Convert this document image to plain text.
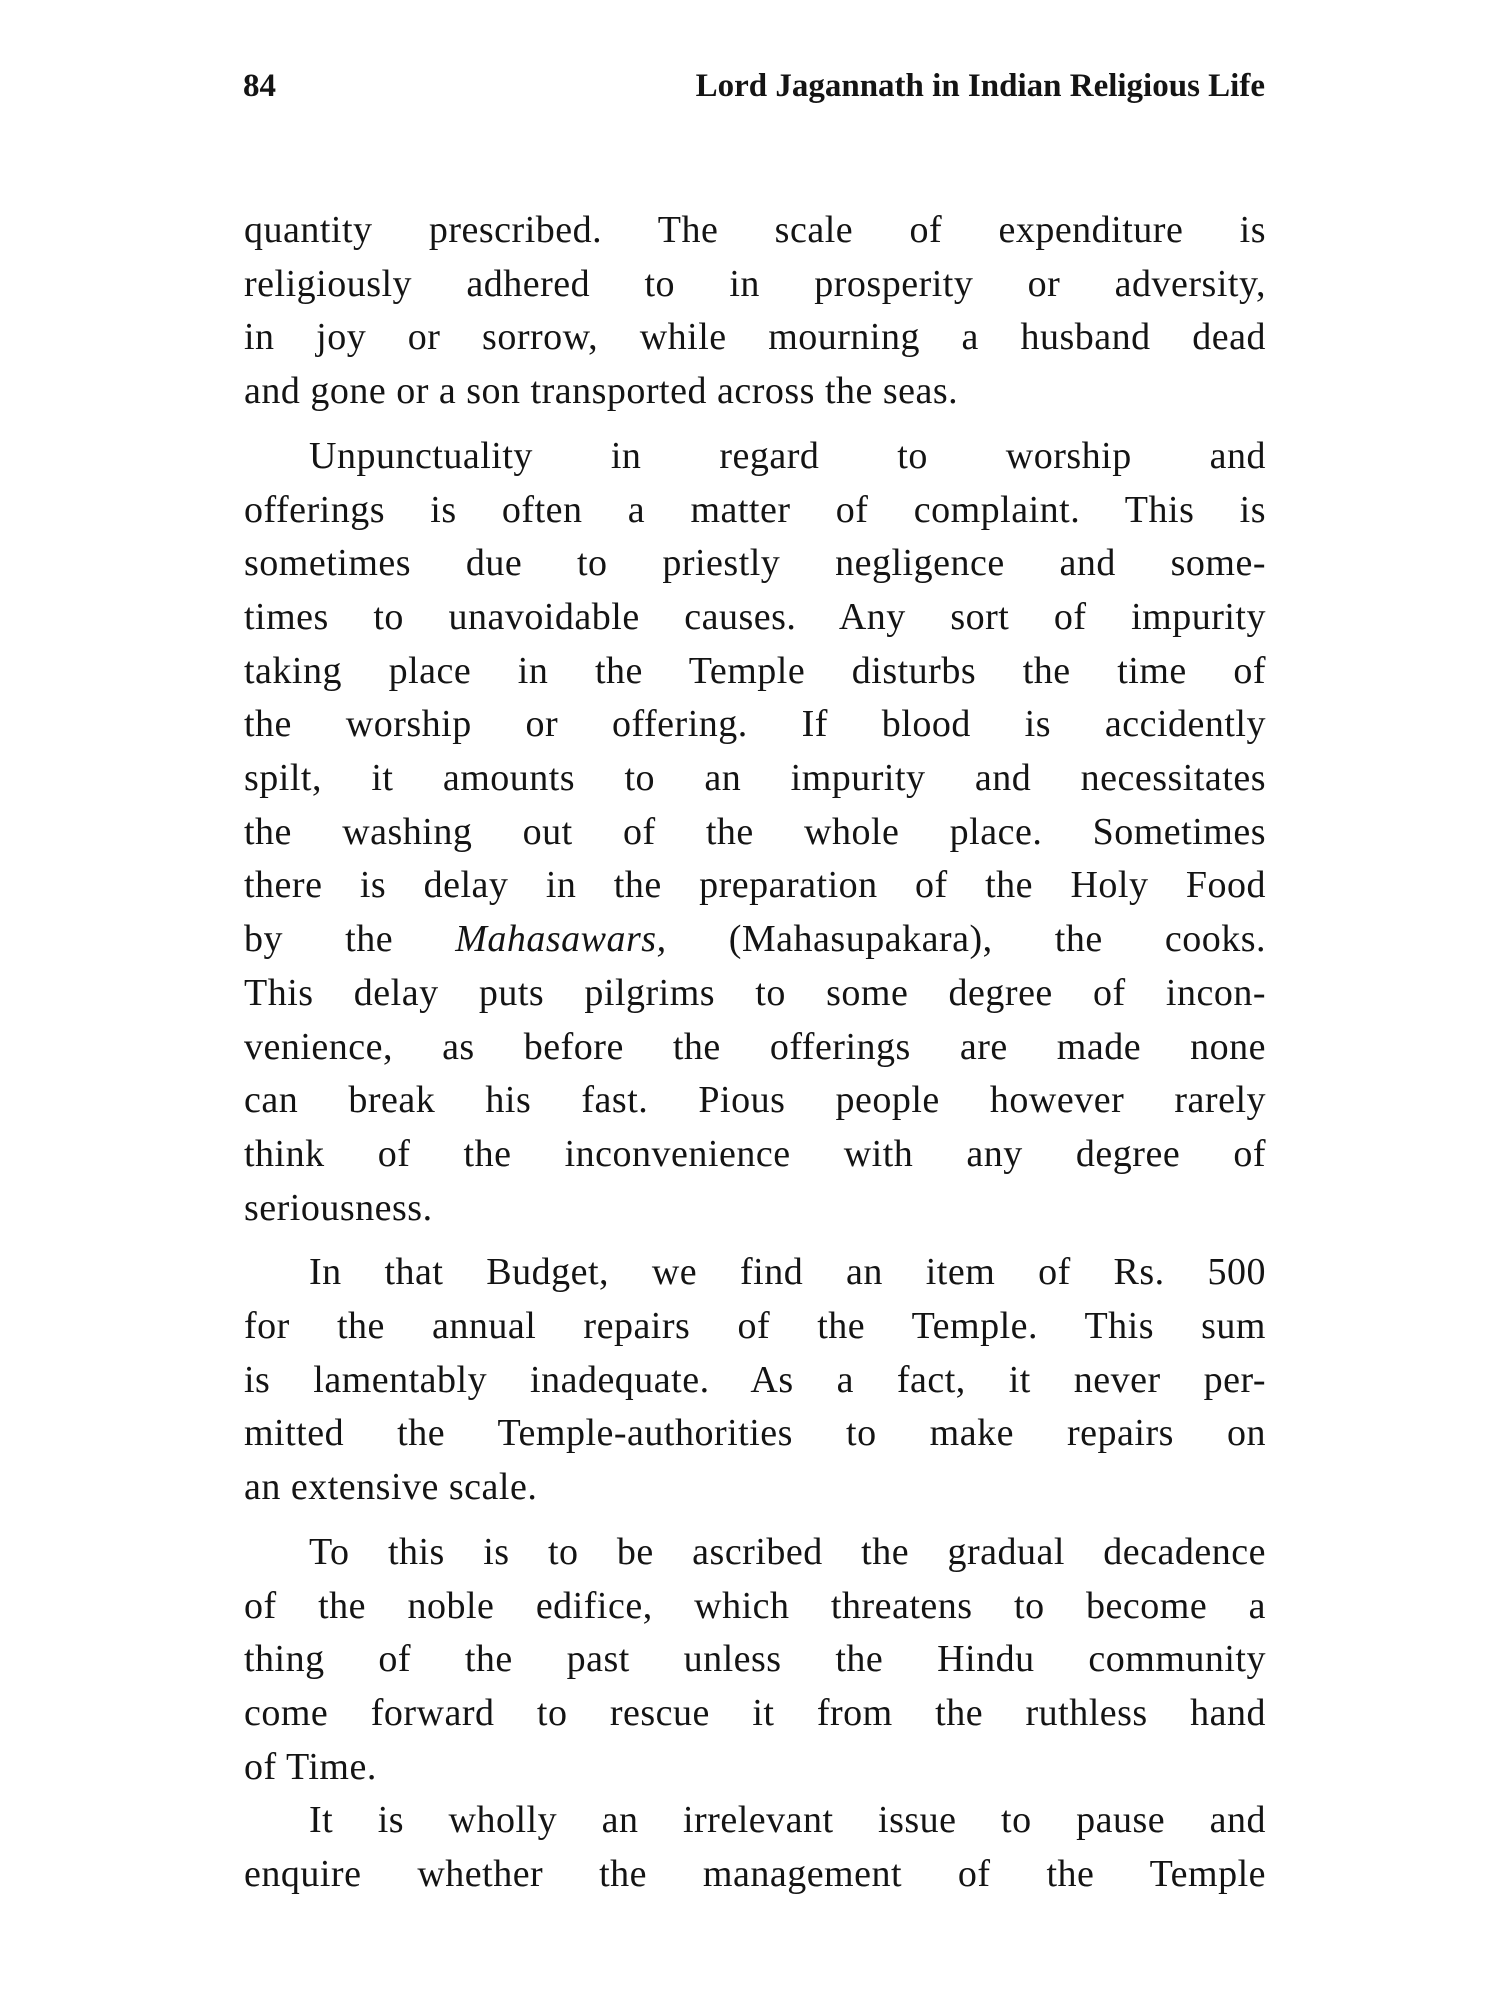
84	Lord Jagannath in Indian Religious Life

quantity prescribed. The scale of expenditure is
religiously adhered to in prosperity or adversity,
in joy or sorrow, while mourning a husband dead
and gone or a son transported across the seas.

Unpunctuality in regard to worship and
offerings is often a matter of complaint. This is
sometimes due to priestly negligence and some-
times to unavoidable causes. Any sort of impurity
taking place in the Temple disturbs the time of
the worship or offering. If blood is accidently
spilt, it amounts to an impurity and necessitates
the washing out of the whole place. Sometimes
there is delay in the preparation of the Holy Food
by the Mahasawars, (Mahasupakara), the cooks.
This delay puts pilgrims to some degree of incon-
venience, as before the offerings are made none
can break his fast. Pious people however rarely
think of the inconvenience with any degree of
seriousness.

In that Budget, we find an item of Rs. 500
for the annual repairs of the Temple. This sum
is lamentably inadequate. As a fact, it never per-
mitted the Temple-authorities to make repairs on
an extensive scale.

To this is to be ascribed the gradual decadence
of the noble edifice, which threatens to become a
thing of the past unless the Hindu community
come forward to rescue it from the ruthless hand
of Time.

It is wholly an irrelevant issue to pause and
enquire whether the management of the Temple
